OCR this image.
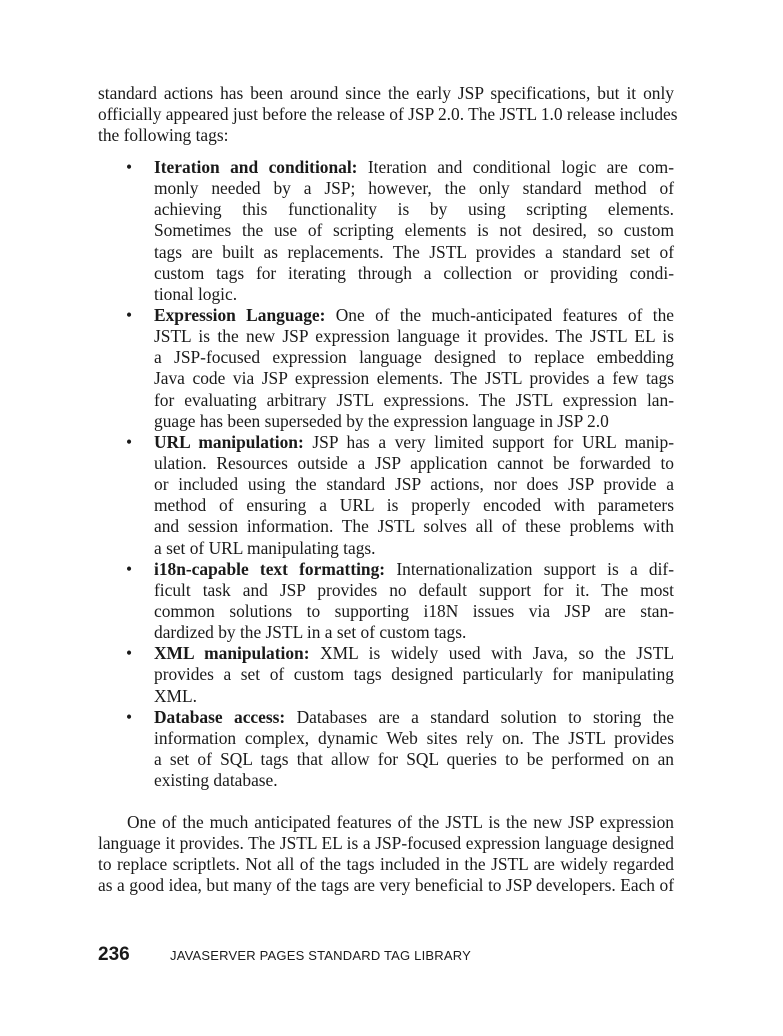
standard actions has been around since the early JSP specifications, but it only
officially appeared just before the release of JSP 2.0. The JSTL 1.0 release includes
the following tags:
• Iteration and conditional: Iteration and conditional logic are com-
monly needed by a JSP; however, the only standard method of
achieving this functionality is by using scripting elements.
Sometimes the use of scripting elements is not desired, so custom
tags are built as replacements. The JSTL provides a standard set of
custom tags for iterating through a collection or providing condi-
tional logic.
• Expression Language: One of the much-anticipated features of the
JSTL is the new JSP expression language it provides. The JSTL EL is
a JSP-focused expression language designed to replace embedding
Java code via JSP expression elements. The JSTL provides a few tags
for evaluating arbitrary JSTL expressions. The JSTL expression lan-
guage has been superseded by the expression language in JSP 2.0
• URL manipulation: JSP has a very limited support for URL manip-
ulation. Resources outside a JSP application cannot be forwarded to
or included using the standard JSP actions, nor does JSP provide a
method of ensuring a URL is properly encoded with parameters
and session information. The JSTL solves all of these problems with
a set of URL manipulating tags.
• i18n-capable text formatting: Internationalization support is a dif-
ficult task and JSP provides no default support for it. The most
common solutions to supporting i18N issues via JSP are stan-
dardized by the JSTL in a set of custom tags.
• XML manipulation: XML is widely used with Java, so the JSTL
provides a set of custom tags designed particularly for manipulating
XML.
• Database access: Databases are a standard solution to storing the
information complex, dynamic Web sites rely on. The JSTL provides
a set of SQL tags that allow for SQL queries to be performed on an
existing database.
One of the much anticipated features of the JSTL is the new JSP expression
language it provides. The JSTL EL is a JSP-focused expression language designed
to replace scriptlets. Not all of the tags included in the JSTL are widely regarded
as a good idea, but many of the tags are very beneficial to JSP developers. Each of
236	JAVASERVER PAGES STANDARD TAG LIBRARY
